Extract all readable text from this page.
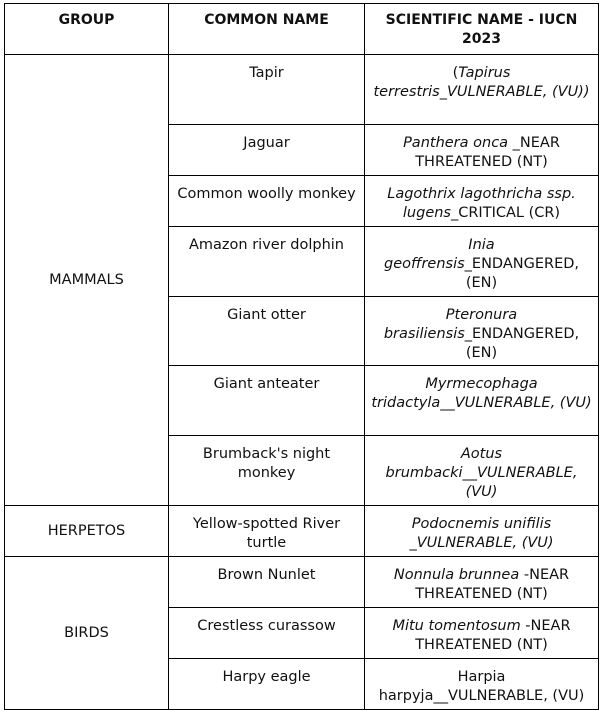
GROUP	COMMON NAME	SCIENTIFIC NAME - IUCN 2023
MAMMALS	Tapir	(Tapirus terrestris_VULNERABLE, (VU))
	Jaguar	Panthera onca _NEAR THREATENED (NT)
	Common woolly monkey	Lagothrix lagothricha ssp. lugens_CRITICAL (CR)
	Amazon river dolphin	Inia geoffrensis_ENDANGERED, (EN)
	Giant otter	Pteronura brasiliensis_ENDANGERED, (EN)
	Giant anteater	Myrmecophaga tridactyla__VULNERABLE, (VU)
	Brumback's night monkey	Aotus brumbacki__VULNERABLE, (VU)
HERPETOS	Yellow-spotted River turtle	Podocnemis unifilis _VULNERABLE, (VU)
BIRDS	Brown Nunlet	Nonnula brunnea -NEAR THREATENED (NT)
	Crestless curassow	Mitu tomentosum -NEAR THREATENED (NT)
	Harpy eagle	Harpia harpyja__VULNERABLE, (VU)
